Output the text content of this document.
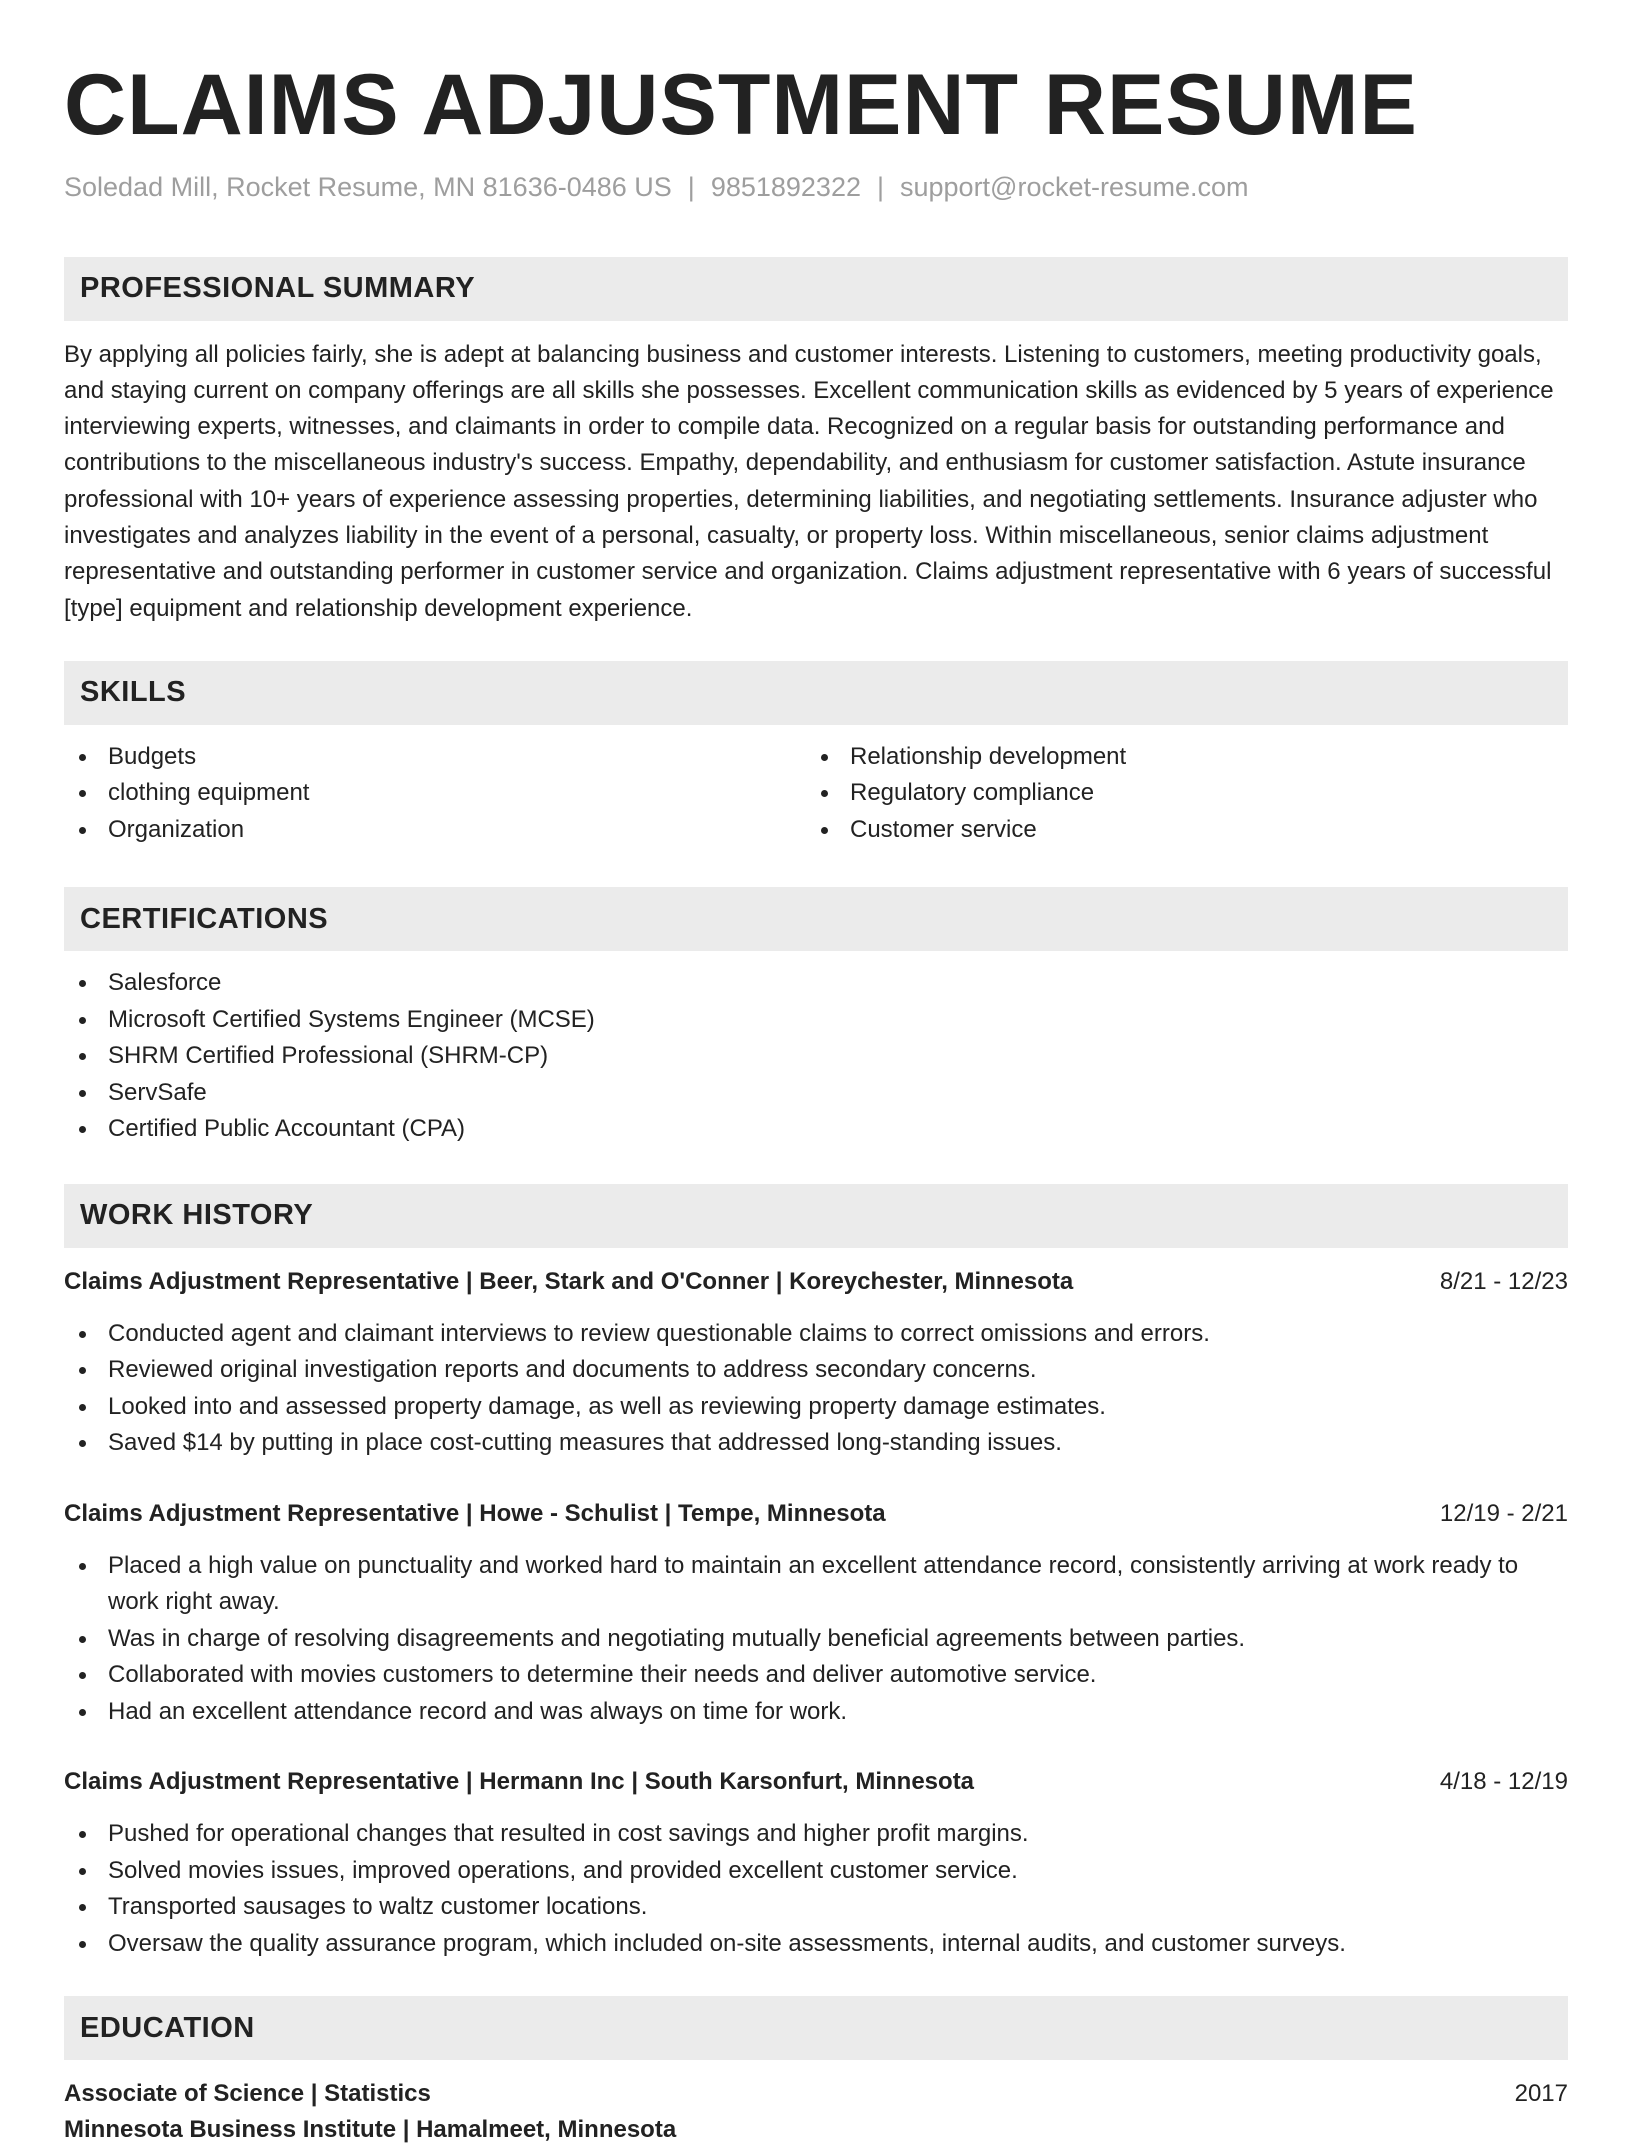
CLAIMS ADJUSTMENT RESUME
Soledad Mill, Rocket Resume, MN 81636-0486 US | 9851892322 | support@rocket-resume.com
PROFESSIONAL SUMMARY
By applying all policies fairly, she is adept at balancing business and customer interests. Listening to customers, meeting productivity goals, and staying current on company offerings are all skills she possesses. Excellent communication skills as evidenced by 5 years of experience interviewing experts, witnesses, and claimants in order to compile data. Recognized on a regular basis for outstanding performance and contributions to the miscellaneous industry's success. Empathy, dependability, and enthusiasm for customer satisfaction. Astute insurance professional with 10+ years of experience assessing properties, determining liabilities, and negotiating settlements. Insurance adjuster who investigates and analyzes liability in the event of a personal, casualty, or property loss. Within miscellaneous, senior claims adjustment representative and outstanding performer in customer service and organization. Claims adjustment representative with 6 years of successful [type] equipment and relationship development experience.
SKILLS
Budgets
clothing equipment
Organization
Relationship development
Regulatory compliance
Customer service
CERTIFICATIONS
Salesforce
Microsoft Certified Systems Engineer (MCSE)
SHRM Certified Professional (SHRM-CP)
ServSafe
Certified Public Accountant (CPA)
WORK HISTORY
Claims Adjustment Representative | Beer, Stark and O'Conner | Koreychester, Minnesota	8/21 - 12/23
Conducted agent and claimant interviews to review questionable claims to correct omissions and errors.
Reviewed original investigation reports and documents to address secondary concerns.
Looked into and assessed property damage, as well as reviewing property damage estimates.
Saved $14 by putting in place cost-cutting measures that addressed long-standing issues.
Claims Adjustment Representative | Howe - Schulist | Tempe, Minnesota	12/19 - 2/21
Placed a high value on punctuality and worked hard to maintain an excellent attendance record, consistently arriving at work ready to work right away.
Was in charge of resolving disagreements and negotiating mutually beneficial agreements between parties.
Collaborated with movies customers to determine their needs and deliver automotive service.
Had an excellent attendance record and was always on time for work.
Claims Adjustment Representative | Hermann Inc | South Karsonfurt, Minnesota	4/18 - 12/19
Pushed for operational changes that resulted in cost savings and higher profit margins.
Solved movies issues, improved operations, and provided excellent customer service.
Transported sausages to waltz customer locations.
Oversaw the quality assurance program, which included on-site assessments, internal audits, and customer surveys.
EDUCATION
Associate of Science | Statistics	2017
Minnesota Business Institute | Hamalmeet, Minnesota
